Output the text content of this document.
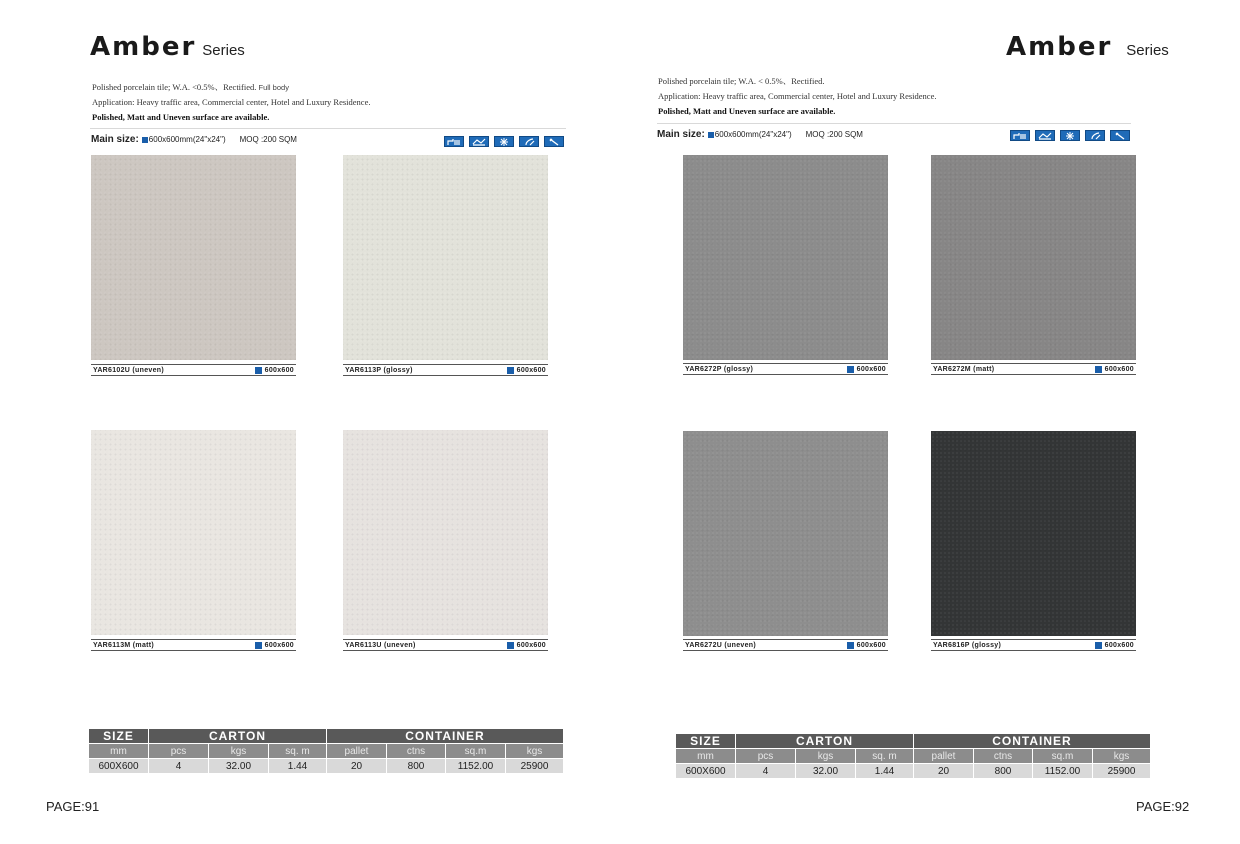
Amber Series
Polished porcelain tile; W.A. <0.5%、Rectified. Full body
Application: Heavy traffic area, Commercial center, Hotel and Luxury Residence.
Polished, Matt and Uneven surface are available.
Main size: 600x600mm(24"x24") MOQ :200 SQM
YAR6102U (uneven)	600x600	YAR6113P (glossy)	600x600
YAR6113M (matt)	600x600	YAR6113U (uneven)	600x600
SIZE	CARTON			CONTAINER			
mm	pcs	kgs	sq. m	pallet	ctns	sq.m	kgs
600X600	4	32.00	1.44	20	800	1152.00	25900
PAGE:91
Amber Series
Polished porcelain tile; W.A. < 0.5%、Rectified.
Application: Heavy traffic area, Commercial center, Hotel and Luxury Residence.
Polished, Matt and Uneven surface are available.
Main size: 600x600mm(24"x24") MOQ :200 SQM
YAR6272P (glossy)	600x600	YAR6272M (matt)	600x600
YAR6272U (uneven)	600x600	YAR6816P (glossy)	600x600
SIZE	CARTON			CONTAINER			
mm	pcs	kgs	sq. m	pallet	ctns	sq.m	kgs
600X600	4	32.00	1.44	20	800	1152.00	25900
PAGE:92
